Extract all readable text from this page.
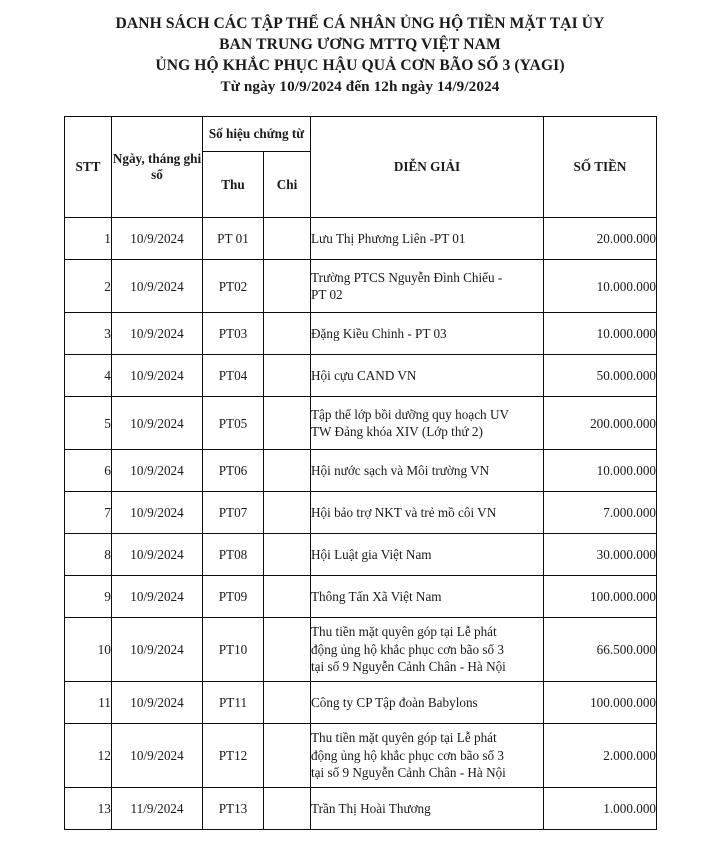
DANH SÁCH CÁC TẬP THỂ CÁ NHÂN ỦNG HỘ TIỀN MẶT TẠI ỦY
BAN TRUNG ƯƠNG MTTQ VIỆT NAM
ỦNG HỘ KHẮC PHỤC HẬU QUẢ CƠN BÃO SỐ 3 (YAGI)
Từ ngày 10/9/2024 đến 12h ngày 14/9/2024
STT	Ngày, tháng ghi sổ	Số hiệu chứng từ		DIỄN GIẢI	SỐ TIỀN
		Thu	Chi		
1	10/9/2024	PT 01		Lưu Thị Phương Liên -PT 01	20.000.000
2	10/9/2024	PT02		Trường PTCS Nguyễn Đình Chiểu -
PT 02	10.000.000
3	10/9/2024	PT03		Đặng Kiều Chinh - PT 03	10.000.000
4	10/9/2024	PT04		Hội cựu CAND VN	50.000.000
5	10/9/2024	PT05		Tập thể lớp bồi dưỡng quy hoạch UV
TW Đảng khóa XIV (Lớp thứ 2)	200.000.000
6	10/9/2024	PT06		Hội nước sạch và Môi trường VN	10.000.000
7	10/9/2024	PT07		Hội bảo trợ NKT và trẻ mồ côi VN	7.000.000
8	10/9/2024	PT08		Hội Luật gia Việt Nam	30.000.000
9	10/9/2024	PT09		Thông Tấn Xã Việt Nam	100.000.000
10	10/9/2024	PT10		Thu tiền mặt quyên góp tại Lễ phát
động ủng hộ khắc phục cơn bão số 3
tại số 9 Nguyễn Cảnh Chân - Hà Nội	66.500.000
11	10/9/2024	PT11		Công ty CP Tập đoàn Babylons	100.000.000
12	10/9/2024	PT12		Thu tiền mặt quyên góp tại Lễ phát
động ủng hộ khắc phục cơn bão số 3
tại số 9 Nguyễn Cảnh Chân - Hà Nội	2.000.000
13	11/9/2024	PT13		Trần Thị Hoài Thương	1.000.000
